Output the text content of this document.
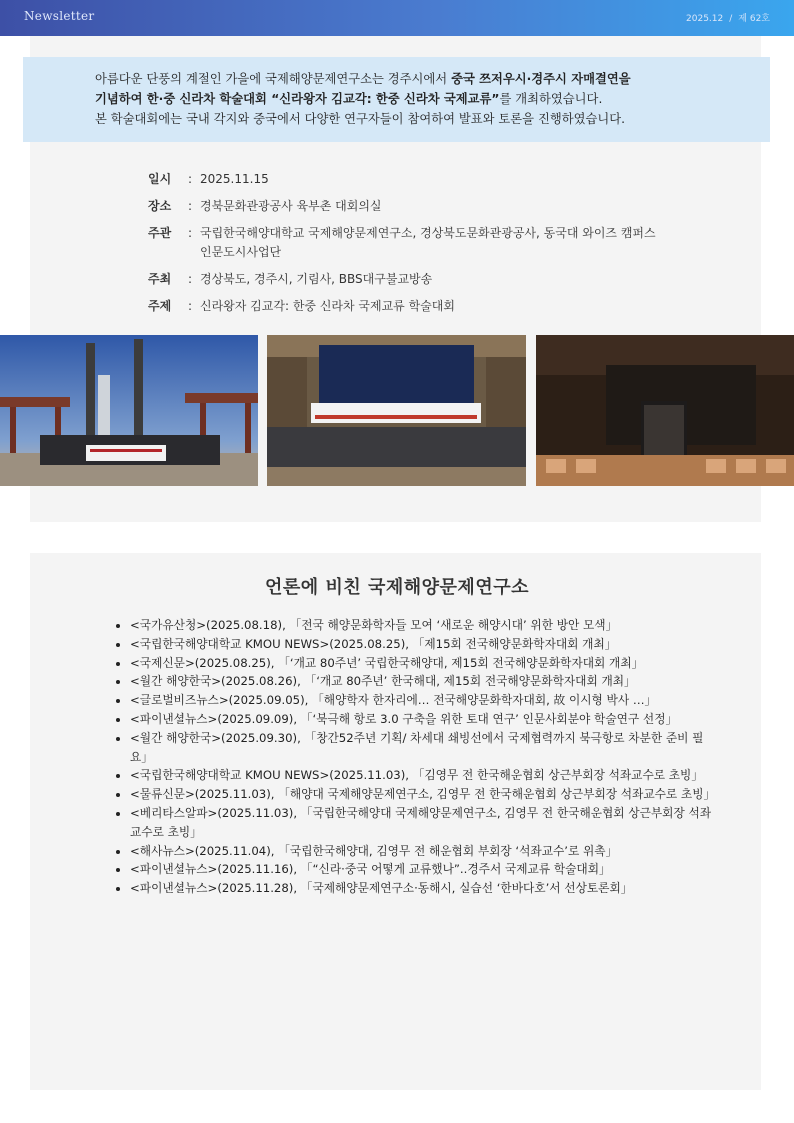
Newsletter	2025.12 / 제 62호

아름다운 단풍의 계절인 가을에 국제해양문제연구소는 경주시에서 중국 쯔저우시·경주시 자매결연을
기념하여 한·중 신라차 학술대회 “신라왕자 김교각: 한중 신라차 국제교류”를 개최하였습니다.
본 학술대회에는 국내 각지와 중국에서 다양한 연구자들이 참여하여 발표와 토론을 진행하였습니다.

일시	: 2025.11.15
장소	: 경북문화관광공사 육부촌 대회의실
주관	: 국립한국해양대학교 국제해양문제연구소, 경상북도문화관광공사, 동국대 와이즈 캠퍼스 인문도시사업단
주최	: 경상북도, 경주시, 기림사, BBS대구불교방송
주제	: 신라왕자 김교각: 한중 신라차 국제교류 학술대회
언론에 비친 국제해양문제연구소
• <국가유산청>(2025.08.18), 「전국 해양문화학자들 모여 ‘새로운 해양시대’ 위한 방안 모색」
• <국립한국해양대학교 KMOU NEWS>(2025.08.25), 「제15회 전국해양문화학자대회 개최」
• <국제신문>(2025.08.25), 「‘개교 80주년’ 국립한국해양대, 제15회 전국해양문화학자대회 개최」
• <월간 해양한국>(2025.08.26), 「‘개교 80주년’ 한국해대, 제15회 전국해양문화학자대회 개최」
• <글로벌비즈뉴스>(2025.09.05), 「해양학자 한자리에… 전국해양문화학자대회, 故 이시형 박사 …」
• <파이낸셜뉴스>(2025.09.09), 「‘북극해 항로 3.0 구축을 위한 토대 연구’ 인문사회분야 학술연구 선정」
• <월간 해양한국>(2025.09.30), 「창간52주년 기획/ 차세대 쇄빙선에서 국제협력까지 북극항로 차분한 준비 필요」
• <국립한국해양대학교 KMOU NEWS>(2025.11.03), 「김영무 전 한국해운협회 상근부회장 석좌교수로 초빙」
• <물류신문>(2025.11.03), 「해양대 국제해양문제연구소, 김영무 전 한국해운협회 상근부회장 석좌교수로 초빙」
• <베리타스알파>(2025.11.03), 「국립한국해양대 국제해양문제연구소, 김영무 전 한국해운협회 상근부회장 석좌교수로 초빙」
• <해사뉴스>(2025.11.04), 「국립한국해양대, 김영무 전 해운협회 부회장 ‘석좌교수’로 위촉」
• <파이낸셜뉴스>(2025.11.16), 「“신라·중국 어떻게 교류했나”..경주서 국제교류 학술대회」
• <파이낸셜뉴스>(2025.11.28), 「국제해양문제연구소·동해시, 실습선 ‘한바다호’서 선상토론회」
